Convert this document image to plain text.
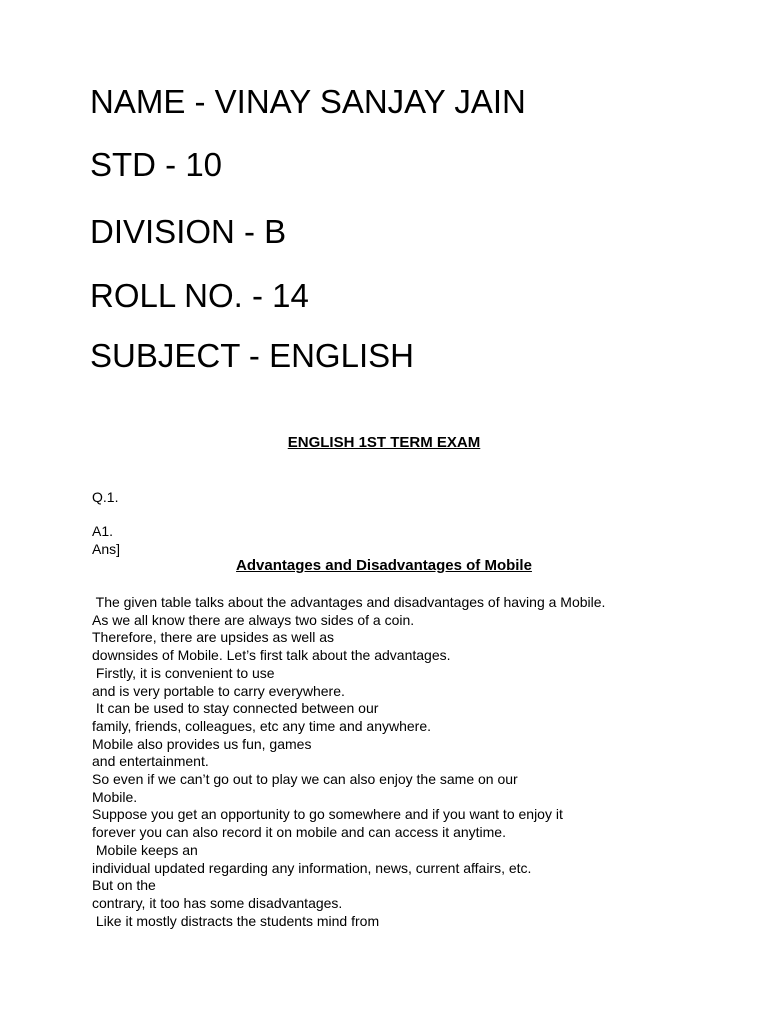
NAME - VINAY SANJAY JAIN
STD - 10
DIVISION - B
ROLL NO. - 14
SUBJECT - ENGLISH
ENGLISH 1ST TERM EXAM
Q.1.
A1.
Ans]
Advantages and Disadvantages of Mobile
The given table talks about the advantages and disadvantages of having a Mobile.
As we all know there are always two sides of a coin.
Therefore, there are upsides as well as
downsides of Mobile. Let’s first talk about the advantages.
Firstly, it is convenient to use
and is very portable to carry everywhere.
It can be used to stay connected between our
family, friends, colleagues, etc any time and anywhere.
Mobile also provides us fun, games
and entertainment.
So even if we can’t go out to play we can also enjoy the same on our
Mobile.
Suppose you get an opportunity to go somewhere and if you want to enjoy it
forever you can also record it on mobile and can access it anytime.
Mobile keeps an
individual updated regarding any information, news, current affairs, etc.
But on the
contrary, it too has some disadvantages.
Like it mostly distracts the students mind from
